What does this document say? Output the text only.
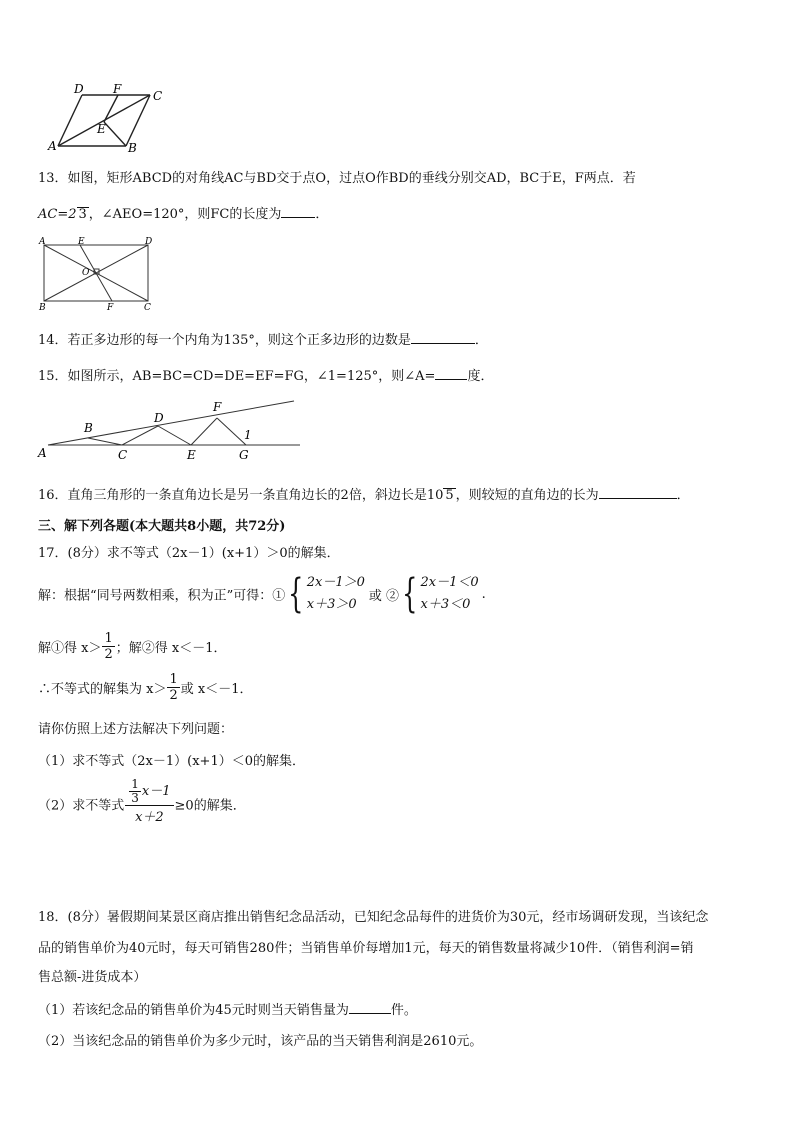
A	B
C
D
E
F
13．如图，矩形ABCD的对角线AC与BD交于点O，过点O作BD的垂线分别交AD，BC于E，F两点．若
AC=2 3 ，∠AEO=120°，则FC的长度为	．
A	E	D
O
B	F	C
14．若正多边形的每一个内角为135°，则这个正多边形的边数是	．
15．如图所示，AB=BC=CD=DE=EF=FG，∠1=125°，则∠A= 度．
A
B
C
D
E
F
G
1
16．直角三角形的一条直角边长是另一条直角边长的2倍，斜边长是10 5 ，则较短的直角边的长为	．
三、解下列各题(本大题共8小题，共72分)
17．(8分）求不等式（2x－1）(x+1）＞0的解集．
解：根据“同号两数相乘，积为正”可得：①{ 2x－1＞0
x＋3＞0
或 ②{ 2x－1＜0
x＋3＜0
.
解①得 $x> \frac{1}{2}$ ；解②得 x＜－1．
∴不等式的解集为 $x> \frac{1}{2}$ 或 x＜－1．
请你仿照上述方法解决下列问题：
（1）求不等式（2x－1）(x+1）＜0的解集．
（2）求不等式 $\frac{\frac{1}{3} x-1}{x+2} \ge 0$的解集．
18．(8分）暑假期间某景区商店推出销售纪念品活动，已知纪念品每件的进货价为30元，经市场调研发现，当该纪念
品的销售单价为40元时，每天可销售280件；当销售单价每增加1元，每天的销售数量将减少10件．（销售利润=销
售总额-进货成本）
（1）若该纪念品的销售单价为45元时则当天销售量为	件。
（2）当该纪念品的销售单价为多少元时，该产品的当天销售利润是2610元。
